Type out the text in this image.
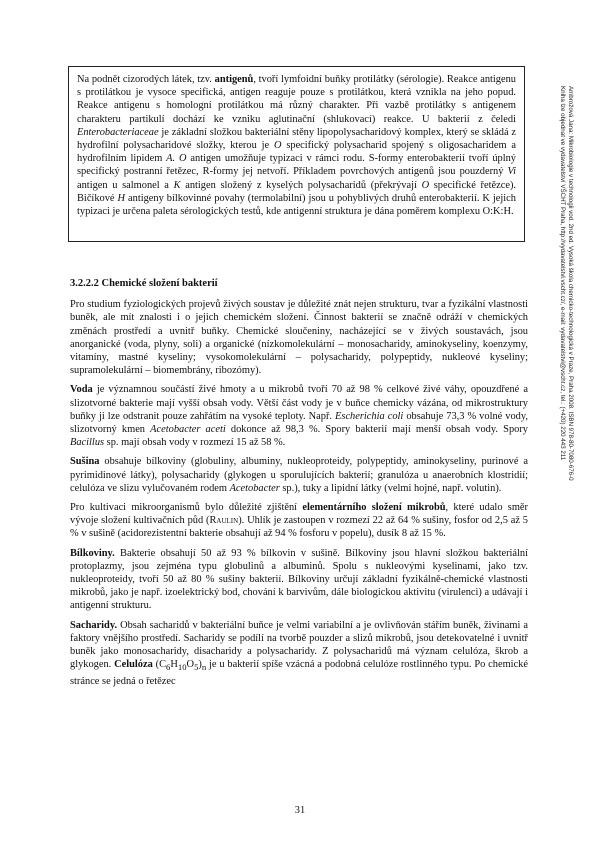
Na podnět cizorodých látek, tzv. antigenů, tvoří lymfoidní buňky protilátky (sérologie). Reakce antigenu s protilátkou je vysoce specifická, antigen reaguje pouze s protilátkou, která vznikla na jeho popud. Reakce antigenu s homologní protilátkou má různý charakter. Při vazbě protilátky s antigenem charakteru partikulí dochází ke vzniku aglutinační (shlukovací) reakce. U bakterií z čeledi Enterobacteriaceae je základní složkou bakteriální stěny lipopolysacharidový komplex, který se skládá z hydrofilní polysacharidové složky, kterou je O specifický polysacharid spojený s oligosacharidem a hydrofilním lipidem A. O antigen umožňuje typizaci v rámci rodu. S-formy enterobakterií tvoří úplný specifický postranní řetězec, R-formy jej netvoří. Příkladem povrchových antigenů jsou pouzderný Vi antigen u salmonel a K antigen složený z kyselých polysacharidů (překrývají O specifické řetězce). Bičíkové H antigeny bílkovinné povahy (termolabilní) jsou u pohyblivých druhů enterobakterií. K jejich typizaci je určena paleta sérologických testů, kde antigenní struktura je dána poměrem komplexu O:K:H.
3.2.2.2 Chemické složení bakterií

Pro studium fyziologických projevů živých soustav je důležité znát nejen strukturu, tvar a fyzikální vlastnosti buněk, ale mít znalosti i o jejich chemickém složení. Činnost bakterií se značně odráží v chemických změnách prostředí a uvnitř buňky. Chemické sloučeniny, nacházející se v živých soustavách, jsou anorganické (voda, plyny, soli) a organické (nízkomolekulární – monosacharidy, aminokyseliny, koenzymy, vitamíny, mastné kyseliny; vysokomolekulární – polysacharidy, polypeptidy, nukleové kyseliny; supramolekulární – biomembrány, ribozómy).

Voda je významnou součástí živé hmoty a u mikrobů tvoří 70 až 98 % celkové živé váhy, opouzdřené a slizotvorné bakterie mají vyšší obsah vody. Větší část vody je v buňce chemicky vázána, od mikrostruktury buňky ji lze odstranit pouze zahřátím na vysoké teploty. Např. Escherichia coli obsahuje 73,3 % volné vody, slizotvorný kmen Acetobacter aceti dokonce až 98,3 %. Spory bakterií mají menší obsah vody. Spory Bacillus sp. mají obsah vody v rozmezí 15 až 58 %.

Sušina obsahuje bílkoviny (globuliny, albuminy, nukleoproteidy, polypeptidy, aminokyseliny, purinové a pyrimidinové látky), polysacharidy (glykogen u sporulujících bakterií; granulóza u anaerobních klostridií; celulóza ve slizu vylučovaném rodem Acetobacter sp.), tuky a lipidní látky (velmi hojné, např. volutin).

Pro kultivaci mikroorganismů bylo důležité zjištění elementárního složení mikrobů, které udalo směr vývoje složení kultivačních půd (Raulin). Uhlík je zastoupen v rozmezí 22 až 64 % sušiny, fosfor od 2,5 až 5 % v sušině (acidorezistentní bakterie obsahují až 94 % fosforu v popelu), dusík 8 až 15 %.

Bílkoviny. Bakterie obsahují 50 až 93 % bílkovin v sušině. Bílkoviny jsou hlavní složkou bakteriální protoplazmy, jsou zejména typu globulinů a albuminů. Spolu s nukleovými kyselinami, jako tzv. nukleoproteidy, tvoří 50 až 80 % sušiny bakterií. Bílkoviny určují základní fyzikálně-chemické vlastnosti mikrobů, jako je např. izoelektrický bod, chování k barvivům, dále biologickou aktivitu (virulenci) a udávají i antigenní strukturu.

Sacharidy. Obsah sacharidů v bakteriální buňce je velmi variabilní a je ovlivňován stářím buněk, živinami a faktory vnějšího prostředí. Sacharidy se podílí na tvorbě pouzder a slizů mikrobů, jsou detekovatelné i uvnitř buněk jako monosacharidy, disacharidy a polysacharidy. Z polysacharidů má význam celulóza, škrob a glykogen. Celulóza $(C_6H_{10}O_5)_n$ je u bakterií spíše vzácná a podobná celulóze rostlinného typu. Po chemické stránce se jedná o řetězec

Ambrožová Jana: Mikrobiologie v technologii vod. 2nd ed. Vysoká škola chemicko-technologická v Praze, Praha 2008. ISBN 978-80-7080-676-0
Kniha lze objednat ve vydavatelství VŠCHT Praha, http://vydavatelstvi.vscht.cz/, e-mail: vydavatelstvi@vscht.cz, tel.: (+420) 220 443 211
31
